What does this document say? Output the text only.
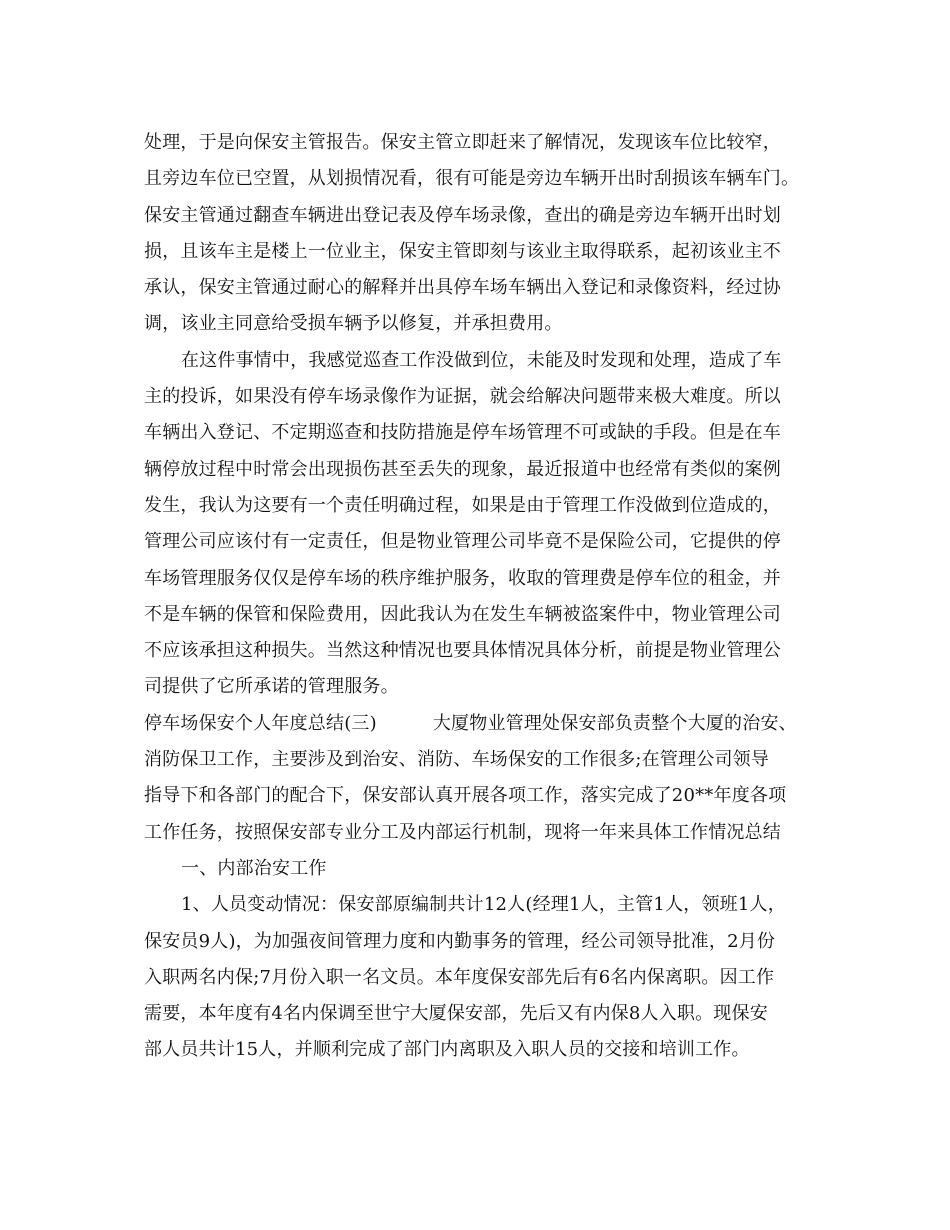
处理，于是向保安主管报告。保安主管立即赶来了解情况，发现该车位比较窄，
且旁边车位已空置，从划损情况看，很有可能是旁边车辆开出时刮损该车辆车门。
保安主管通过翻查车辆进出登记表及停车场录像，查出的确是旁边车辆开出时划
损，且该车主是楼上一位业主，保安主管即刻与该业主取得联系，起初该业主不
承认，保安主管通过耐心的解释并出具停车场车辆出入登记和录像资料，经过协
调，该业主同意给受损车辆予以修复，并承担费用。
在这件事情中，我感觉巡查工作没做到位，未能及时发现和处理，造成了车
主的投诉，如果没有停车场录像作为证据，就会给解决问题带来极大难度。所以
车辆出入登记、不定期巡查和技防措施是停车场管理不可或缺的手段。但是在车
辆停放过程中时常会出现损伤甚至丢失的现象，最近报道中也经常有类似的案例
发生，我认为这要有一个责任明确过程，如果是由于管理工作没做到位造成的，
管理公司应该付有一定责任，但是物业管理公司毕竟不是保险公司，它提供的停
车场管理服务仅仅是停车场的秩序维护服务，收取的管理费是停车位的租金，并
不是车辆的保管和保险费用，因此我认为在发生车辆被盗案件中，物业管理公司
不应该承担这种损失。当然这种情况也要具体情况具体分析，前提是物业管理公
司提供了它所承诺的管理服务。
停车场保安个人年度总结(三)	大厦物业管理处保安部负责整个大厦的治安、
消防保卫工作，主要涉及到治安、消防、车场保安的工作很多;在管理公司领导
指导下和各部门的配合下，保安部认真开展各项工作，落实完成了20**年度各项
工作任务，按照保安部专业分工及内部运行机制，现将一年来具体工作情况总结
一、内部治安工作
1、人员变动情况：保安部原编制共计12人(经理1人，主管1人，领班1人，
保安员9人)，为加强夜间管理力度和内勤事务的管理，经公司领导批准，2月份
入职两名内保;7月份入职一名文员。本年度保安部先后有6名内保离职。因工作
需要，本年度有4名内保调至世宁大厦保安部，先后又有内保8人入职。现保安
部人员共计15人，并顺利完成了部门内离职及入职人员的交接和培训工作。
